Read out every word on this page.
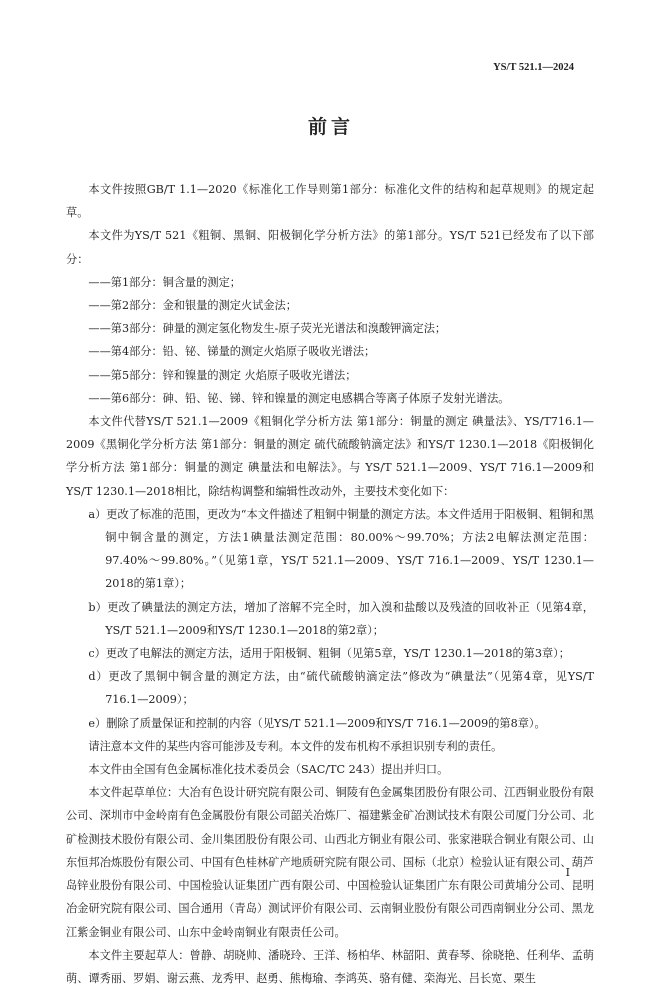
YS/T 521.1—2024
前言

本文件按照GB/T 1.1—2020《标准化工作导则第1部分：标准化文件的结构和起草规则》的规定起草。

本文件为YS/T 521《粗铜、黑铜、阳极铜化学分析方法》的第1部分。YS/T 521已经发布了以下部分：

——第1部分：铜含量的测定；

——第2部分：金和银量的测定火试金法；

——第3部分：砷量的测定氢化物发生-原子荧光光谱法和溴酸钾滴定法；

——第4部分：铅、铋、锑量的测定火焰原子吸收光谱法；

——第5部分：锌和镍量的测定 火焰原子吸收光谱法；

——第6部分：砷、铅、铋、锑、锌和镍量的测定电感耦合等离子体原子发射光谱法。

本文件代替YS/T 521.1—2009《粗铜化学分析方法 第1部分：铜量的测定 碘量法》、YS/T716.1—2009《黑铜化学分析方法 第1部分：铜量的测定 硫代硫酸钠滴定法》和YS/T 1230.1—2018《阳极铜化学分析方法 第1部分：铜量的测定 碘量法和电解法》。与 YS/T 521.1—2009、YS/T 716.1—2009和YS/T 1230.1—2018相比，除结构调整和编辑性改动外，主要技术变化如下：

a）更改了标准的范围，更改为“本文件描述了粗铜中铜量的测定方法。本文件适用于阳极铜、粗铜和黑铜中铜含量的测定，方法1碘量法测定范围：80.00%～99.70%；方法2电解法测定范围：97.40%～99.80%。”（见第1章，YS/T 521.1—2009、YS/T 716.1—2009、YS/T 1230.1—2018的第1章）；

b）更改了碘量法的测定方法，增加了溶解不完全时，加入溴和盐酸以及残渣的回收补正（见第4章，YS/T 521.1—2009和YS/T 1230.1—2018的第2章）；

c）更改了电解法的测定方法，适用于阳极铜、粗铜（见第5章，YS/T 1230.1—2018的第3章）；

d）更改了黑铜中铜含量的测定方法，由“硫代硫酸钠滴定法”修改为“碘量法”（见第4章，见YS/T 716.1—2009）；

e）删除了质量保证和控制的内容（见YS/T 521.1—2009和YS/T 716.1—2009的第8章）。

请注意本文件的某些内容可能涉及专利。本文件的发布机构不承担识别专利的责任。

本文件由全国有色金属标准化技术委员会（SAC/TC 243）提出并归口。

本文件起草单位：大冶有色设计研究院有限公司、铜陵有色金属集团股份有限公司、江西铜业股份有限公司、深圳市中金岭南有色金属股份有限公司韶关冶炼厂、福建紫金矿冶测试技术有限公司厦门分公司、北矿检测技术股份有限公司、金川集团股份有限公司、山西北方铜业有限公司、张家港联合铜业有限公司、山东恒邦冶炼股份有限公司、中国有色桂林矿产地质研究院有限公司、国标（北京）检验认证有限公司、葫芦岛锌业股份有限公司、中国检验认证集团广西有限公司、中国检验认证集团广东有限公司黄埔分公司、昆明冶金研究院有限公司、国合通用（青岛）测试评价有限公司、云南铜业股份有限公司西南铜业分公司、黑龙江紫金铜业有限公司、山东中金岭南铜业有限责任公司。

本文件主要起草人：曾静、胡晓帅、潘晓玲、王洋、杨柏华、林韶阳、黄春琴、徐晓艳、任利华、孟萌萌、谭秀丽、罗娟、谢云燕、龙秀甲、赵勇、熊梅瑜、李鸿英、骆有健、栾海光、吕长宽、栗生

I
